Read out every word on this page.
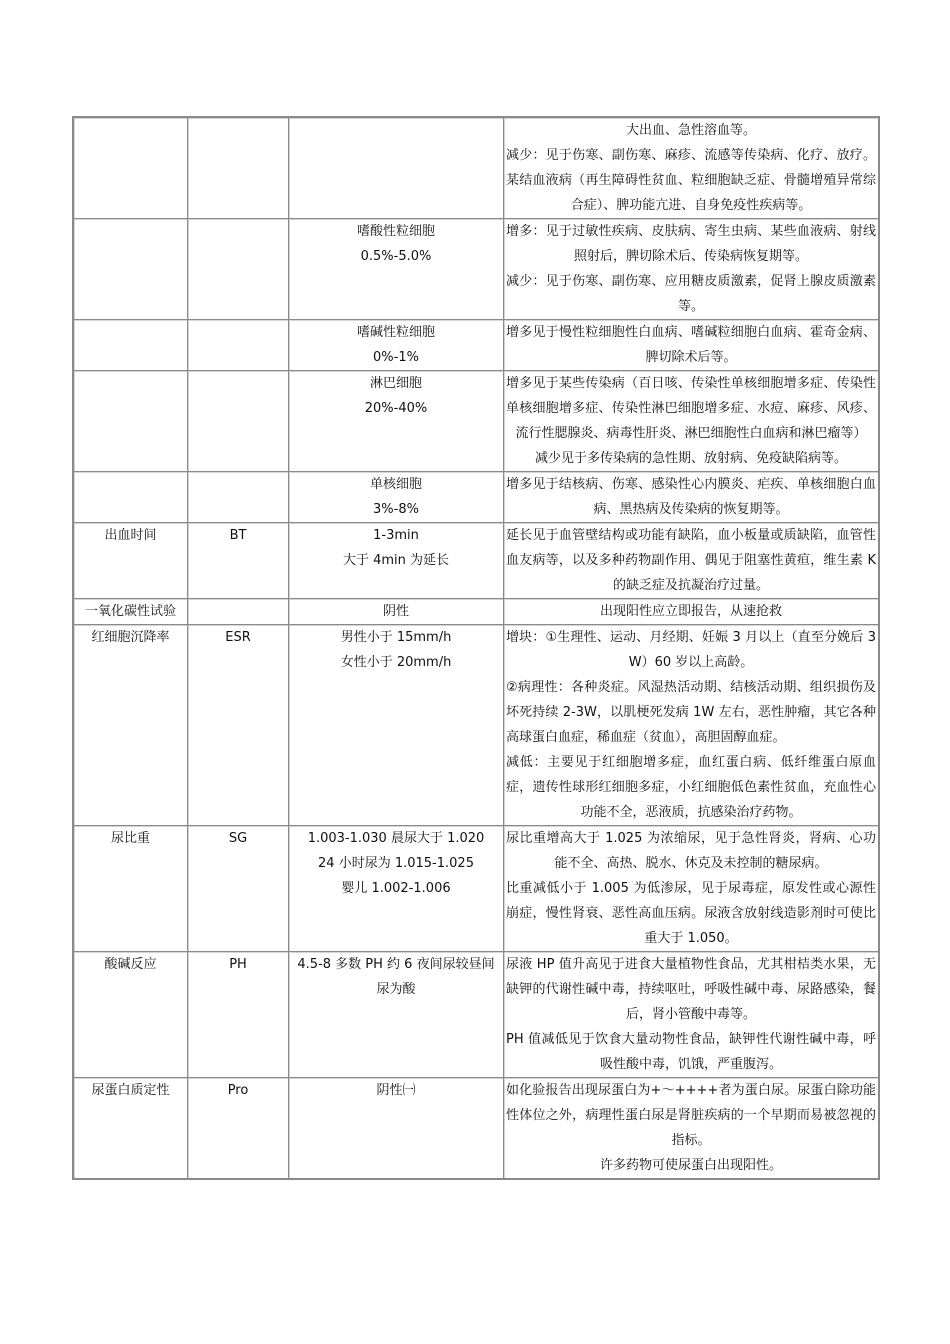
			大出血、急性溶血等。
减少：见于伤寒、副伤寒、麻疹、流感等传染病、化疗、放疗。某结血液病（再生障碍性贫血、粒细胞缺乏症、骨髓增殖异常综合症）、脾功能亢进、自身免疫性疾病等。

		嗜酸性粒细胞
0.5%-5.0%	增多：见于过敏性疾病、皮肤病、寄生虫病、某些血液病、射线照射后，脾切除术后、传染病恢复期等。
减少：见于伤寒、副伤寒、应用糖皮质激素，促肾上腺皮质激素等。

		嗜碱性粒细胞
0%-1%	增多见于慢性粒细胞性白血病、嗜碱粒细胞白血病、霍奇金病、脾切除术后等。

		淋巴细胞
20%-40%	增多见于某些传染病（百日咳、传染性单核细胞增多症、传染性单核细胞增多症、传染性淋巴细胞增多症、水痘、麻疹、风疹、流行性腮腺炎、病毒性肝炎、淋巴细胞性白血病和淋巴瘤等）
减少见于多传染病的急性期、放射病、免疫缺陷病等。

		单核细胞
3%-8%	增多见于结核病、伤寒、感染性心内膜炎、疟疾、单核细胞白血病、黑热病及传染病的恢复期等。

出血时间	BT	1-3min
大于 4min 为延长	延长见于血管壁结构或功能有缺陷，血小板量或质缺陷，血管性血友病等，以及多种药物副作用、偶见于阻塞性黄疸，维生素 K 的缺乏症及抗凝治疗过量。

一氧化碳性试验		阴性	出现阳性应立即报告，从速抢救

红细胞沉降率	ESR	男性小于 15mm/h
女性小于 20mm/h	增块：①生理性、运动、月经期、妊娠 3 月以上（直至分娩后 3W）60 岁以上高龄。
②病理性：各种炎症。风湿热活动期、结核活动期、组织损伤及坏死持续 2-3W，以肌梗死发病 1W 左右，恶性肿瘤，其它各种高球蛋白血症，稀血症（贫血），高胆固醇血症。
减低：主要见于红细胞增多症，血红蛋白病、低纤维蛋白原血症，遗传性球形红细胞多症，小红细胞低色素性贫血，充血性心功能不全，恶液质，抗感染治疗药物。

尿比重	SG	1.003-1.030 晨尿大于 1.020
24 小时尿为 1.015-1.025
婴儿 1.002-1.006	尿比重增高大于 1.025 为浓缩尿，见于急性肾炎，肾病、心功能不全、高热、脱水、休克及未控制的糖尿病。
比重减低小于 1.005 为低渗尿，见于尿毒症，原发性或心源性崩症，慢性肾衰、恶性高血压病。尿液含放射线造影剂时可使比重大于 1.050。

酸碱反应	PH	4.5-8 多数 PH 约 6 夜间尿较昼间尿为酸	尿液 HP 值升高见于进食大量植物性食品，尤其柑桔类水果，无缺钾的代谢性碱中毒，持续呕吐，呼吸性碱中毒、尿路感染，餐后，肾小管酸中毒等。
PH 值减低见于饮食大量动物性食品，缺钾性代谢性碱中毒，呼吸性酸中毒，饥饿，严重腹泻。

尿蛋白质定性	Pro	阴性㈠	如化验报告出现尿蛋白为+～++++者为蛋白尿。尿蛋白除功能性体位之外，病理性蛋白尿是肾脏疾病的一个早期而易被忽视的指标。
许多药物可使尿蛋白出现阳性。
